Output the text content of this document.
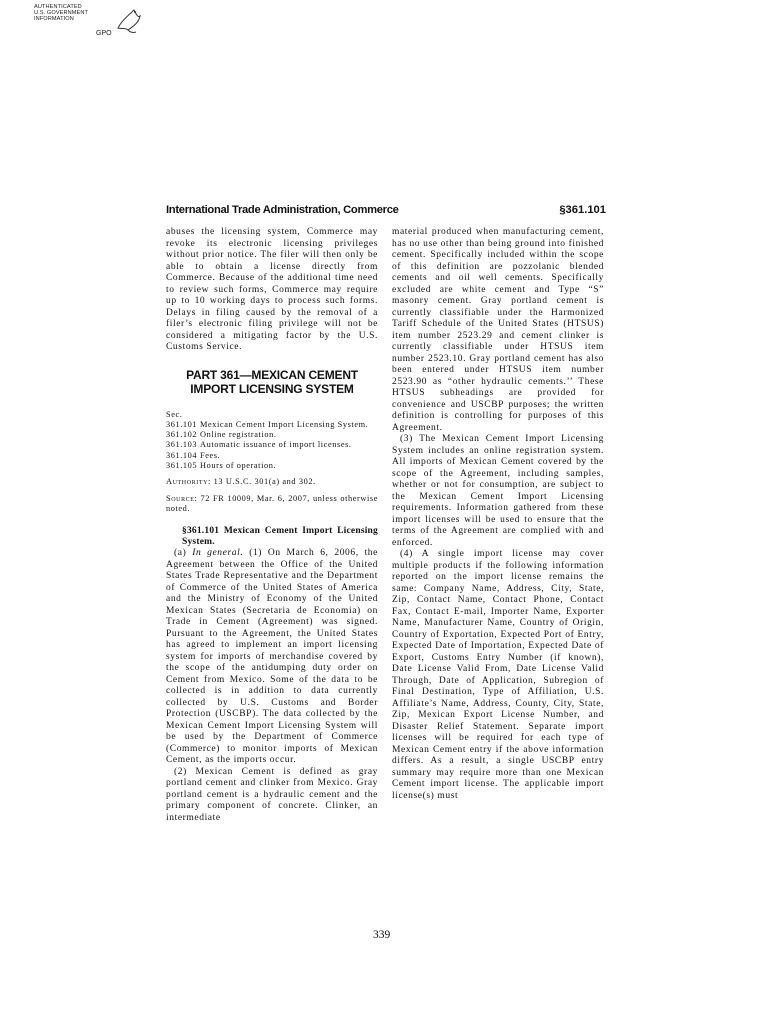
AUTHENTICATED
U.S. GOVERNMENT
INFORMATION
GPO
International Trade Administration, Commerce	§361.101

abuses the licensing system, Commerce may revoke its electronic licensing privileges without prior notice. The filer will then only be able to obtain a license directly from Commerce. Because of the additional time need to review such forms, Commerce may require up to 10 working days to process such forms. Delays in filing caused by the removal of a filer’s electronic filing privilege will not be considered a mitigating factor by the U.S. Customs Service.

PART 361—MEXICAN CEMENT
IMPORT LICENSING SYSTEM

Sec.

361.101 Mexican Cement Import Licensing System.
361.102 Online registration.
361.103 Automatic issuance of import licenses.
361.104 Fees.
361.105 Hours of operation.

Authority: 13 U.S.C. 301(a) and 302.

Source: 72 FR 10009, Mar. 6, 2007, unless otherwise noted.

§361.101 Mexican Cement Import Licensing System.

(a) In general. (1) On March 6, 2006, the Agreement between the Office of the United States Trade Representative and the Department of Commerce of the United States of America and the Ministry of Economy of the United Mexican States (Secretaria de Economia) on Trade in Cement (Agreement) was signed. Pursuant to the Agreement, the United States has agreed to implement an import licensing system for imports of merchandise covered by the scope of the antidumping duty order on Cement from Mexico. Some of the data to be collected is in addition to data currently collected by U.S. Customs and Border Protection (USCBP). The data collected by the Mexican Cement Import Licensing System will be used by the Department of Commerce (Commerce) to monitor imports of Mexican Cement, as the imports occur.

(2) Mexican Cement is defined as gray portland cement and clinker from Mexico. Gray portland cement is a hydraulic cement and the primary component of concrete. Clinker, an intermediate

material produced when manufacturing cement, has no use other than being ground into finished cement. Specifically included within the scope of this definition are pozzolanic blended cements and oil well cements. Specifically excluded are white cement and Type “S” masonry cement. Gray portland cement is currently classifiable under the Harmonized Tariff Schedule of the United States (HTSUS) item number 2523.29 and cement clinker is currently classifiable under HTSUS item number 2523.10. Gray portland cement has also been entered under HTSUS item number 2523.90 as “other hydraulic cements.’’ These HTSUS subheadings are provided for convenience and USCBP purposes; the written definition is controlling for purposes of this Agreement.

(3) The Mexican Cement Import Licensing System includes an online registration system. All imports of Mexican Cement covered by the scope of the Agreement, including samples, whether or not for consumption, are subject to the Mexican Cement Import Licensing requirements. Information gathered from these import licenses will be used to ensure that the terms of the Agreement are complied with and enforced.

(4) A single import license may cover multiple products if the following information reported on the import license remains the same: Company Name, Address, City, State, Zip, Contact Name, Contact Phone, Contact Fax, Contact E-mail, Importer Name, Exporter Name, Manufacturer Name, Country of Origin, Country of Exportation, Expected Port of Entry, Expected Date of Importation, Expected Date of Export, Customs Entry Number (if known), Date License Valid From, Date License Valid Through, Date of Application, Subregion of Final Destination, Type of Affiliation, U.S. Affiliate’s Name, Address, County, City, State, Zip, Mexican Export License Number, and Disaster Relief Statement. Separate import licenses will be required for each type of Mexican Cement entry if the above information differs. As a result, a single USCBP entry summary may require more than one Mexican Cement import license. The applicable import license(s) must

339
